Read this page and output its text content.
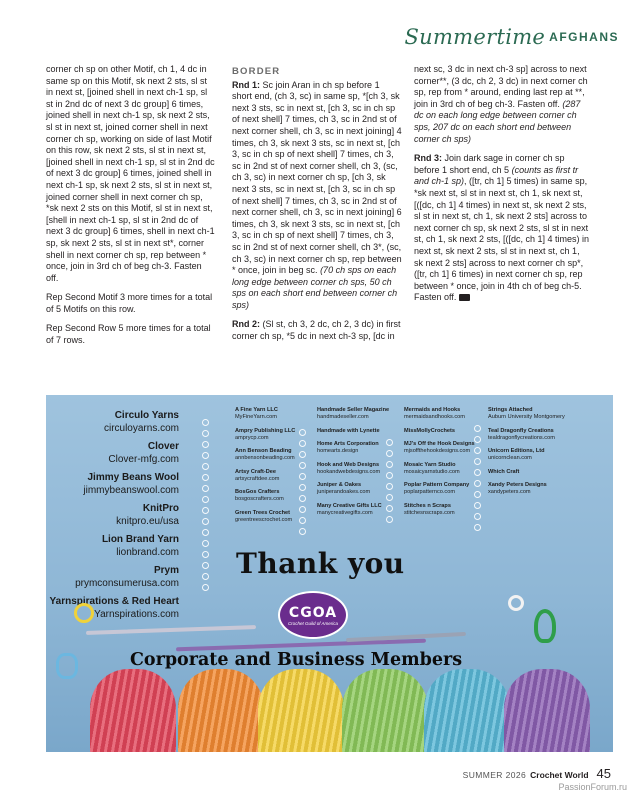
Summertime AFGHANS

corner ch sp on other Motif, ch 1, 4 dc in same sp on this Motif, sk next 2 sts, sl st in next st, [joined shell in next ch-1 sp, sl st in 2nd dc of next 3 dc group] 6 times, joined shell in next ch-1 sp, sk next 2 sts, sl st in next st, joined corner shell in next corner ch sp, working on side of last Motif on this row, sk next 2 sts, sl st in next st, [joined shell in next ch-1 sp, sl st in 2nd dc of next 3 dc group] 6 times, joined shell in next ch-1 sp, sk next 2 sts, sl st in next st, joined corner shell in next corner ch sp, *sk next 2 sts on this Motif, sl st in next st, [shell in next ch-1 sp, sl st in 2nd dc of next 3 dc group] 6 times, shell in next ch-1 sp, sk next 2 sts, sl st in next st*, corner shell in next corner ch sp, rep between * once, join in 3rd ch of beg ch-3. Fasten off.

Rep Second Motif 3 more times for a total of 5 Motifs on this row.

Rep Second Row 5 more times for a total of 7 rows.

BORDER

Rnd 1: Sc join Aran in ch sp before 1 short end, (ch 3, sc) in same sp, *[ch 3, sk next 3 sts, sc in next st, [ch 3, sc in ch sp of next shell] 7 times, ch 3, sc in 2nd st of next corner shell, ch 3, sc in next joining] 4 times, ch 3, sk next 3 sts, sc in next st, [ch 3, sc in ch sp of next shell] 7 times, ch 3, sc in 2nd st of next corner shell, ch 3, (sc, ch 3, sc) in next corner ch sp, [ch 3, sk next 3 sts, sc in next st, [ch 3, sc in ch sp of next shell] 7 times, ch 3, sc in 2nd st of next corner shell, ch 3, sc in next joining] 6 times, ch 3, sk next 3 sts, sc in next st, [ch 3, sc in ch sp of next shell] 7 times, ch 3, sc in 2nd st of next corner shell, ch 3*, (sc, ch 3, sc) in next corner ch sp, rep between * once, join in beg sc. (70 ch sps on each long edge between corner ch sps, 50 ch sps on each short end between corner ch sps)

Rnd 2: (Sl st, ch 3, 2 dc, ch 2, 3 dc) in first corner ch sp, *5 dc in next ch-3 sp, [dc in

next sc, 3 dc in next ch-3 sp] across to next corner**, (3 dc, ch 2, 3 dc) in next corner ch sp, rep from * around, ending last rep at **, join in 3rd ch of beg ch-3. Fasten off. (287 dc on each long edge between corner ch sps, 207 dc on each short end between corner ch sps)

Rnd 3: Join dark sage in corner ch sp before 1 short end, ch 5 (counts as first tr and ch-1 sp), ([tr, ch 1] 5 times) in same sp, *sk next st, sl st in next st, ch 1, sk next st, [([dc, ch 1] 4 times) in next st, sk next 2 sts, sl st in next st, ch 1, sk next 2 sts] across to next corner ch sp, sk next 2 sts, sl st in next st, ch 1, sk next 2 sts, [([dc, ch 1] 4 times) in next st, sk next 2 sts, sl st in next st, ch 1, sk next 2 sts] across to next corner ch sp*, ([tr, ch 1] 6 times) in next corner ch sp, rep between * once, join in 4th ch of beg ch-5. Fasten off.

Circulo Yarns
circuloyarns.com
Clover
Clover-mfg.com
Jimmy Beans Wool
jimmybeanswool.com
KnitPro
knitpro.eu/usa
Lion Brand Yarn
lionbrand.com
Prym
prymconsumerusa.com
Yarnspirations & Red Heart
Yarnspirations.com
A Fine Yarn LLC
MyFineYarn.com
Ampry Publishing LLC
amprycp.com
Ann Benson Beading
annbensonbeading.com
Artsy Craft-Dee
artsycraftdee.com
BosGos Crafters
bosgoscrafters.com
Green Trees Crochet
greentreescrochet.com
Handmade Seller Magazine
handmadeseller.com
Handmade with Lynette
Home Arts Corporation
homearts.design
Hook and Web Designs
hookandwebdesigns.com
Juniper & Oakes
juniperandoakes.com
Many Creative Gifts LLC
manycreativegifts.com
Mermaids and Hooks
mermaidsandhooks.com
MissMollyCrochets
MJ's Off the Hook Designs
mjsoffthehookdesigns.com
Mosaic Yarn Studio
mosaicyarnstudio.com
Poplar Pattern Company
poplarpatternco.com
Stitches n Scraps
stitchesnscraps.com
Strings Attached
Auburn University Montgomery
Teal Dragonfly Creations
tealdragonflycreations.com
Unicorn Editions, Ltd
unicornclean.com
Which Craft
Xandy Peters Designs
xandypeters.com
Thank you
CGOA
Crochet Guild of America
Corporate and Business Members
SUMMER 2026 Crochet World 45
PassionForum.ru
